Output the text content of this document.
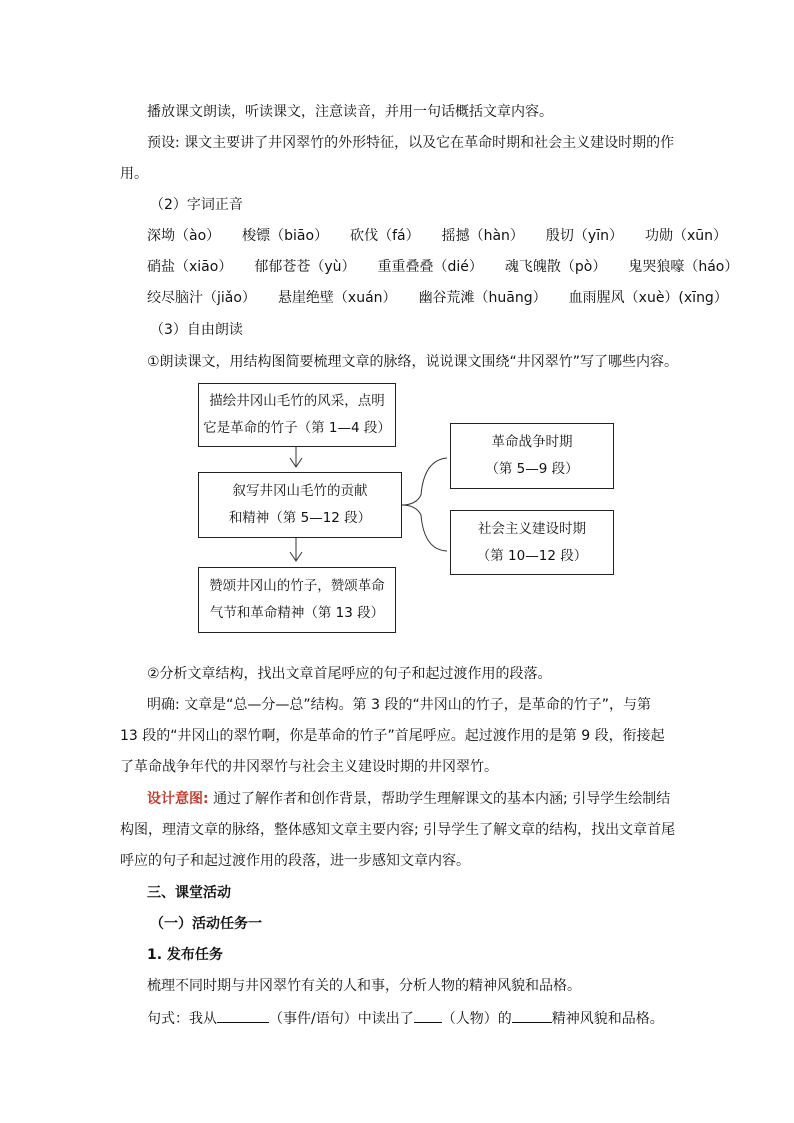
播放课文朗读，听读课文，注意读音，并用一句话概括文章内容。
预设: 课文主要讲了井冈翠竹的外形特征，以及它在革命时期和社会主义建设时期的作
用。
（2）字词正音
深坳（ào） 梭镖（biāo） 砍伐（fá） 摇撼（hàn） 殷切（yīn） 功勋（xūn）
硝盐（xiāo） 郁郁苍苍（yù） 重重叠叠（dié） 魂飞魄散（pò） 鬼哭狼嚎（háo）
绞尽脑汁（jiǎo） 悬崖绝壁（xuán） 幽谷荒滩（huāng） 血雨腥风（xuè）(xīng）
（3）自由朗读
①朗读课文，用结构图简要梳理文章的脉络，说说课文围绕“井冈翠竹”写了哪些内容。
描绘井冈山毛竹的风采，点明
它是革命的竹子（第 1—4 段）
叙写井冈山毛竹的贡献
和精神（第 5—12 段）
赞颂井冈山的竹子，赞颂革命
气节和革命精神（第 13 段）
革命战争时期
（第 5—9 段）
社会主义建设时期
（第 10—12 段）
②分析文章结构，找出文章首尾呼应的句子和起过渡作用的段落。
明确: 文章是“总—分—总”结构。第 3 段的“井冈山的竹子，是革命的竹子”，与第
13 段的“井冈山的翠竹啊，你是革命的竹子”首尾呼应。起过渡作用的是第 9 段，衔接起
了革命战争年代的井冈翠竹与社会主义建设时期的井冈翠竹。
设计意图: 通过了解作者和创作背景，帮助学生理解课文的基本内涵; 引导学生绘制结
构图，理清文章的脉络，整体感知文章主要内容; 引导学生了解文章的结构，找出文章首尾
呼应的句子和起过渡作用的段落，进一步感知文章内容。
三、课堂活动
（一）活动任务一
1. 发布任务
梳理不同时期与井冈翠竹有关的人和事，分析人物的精神风貌和品格。
句式：我从	（事件/语句）中读出了 （人物）的	精神风貌和品格。
